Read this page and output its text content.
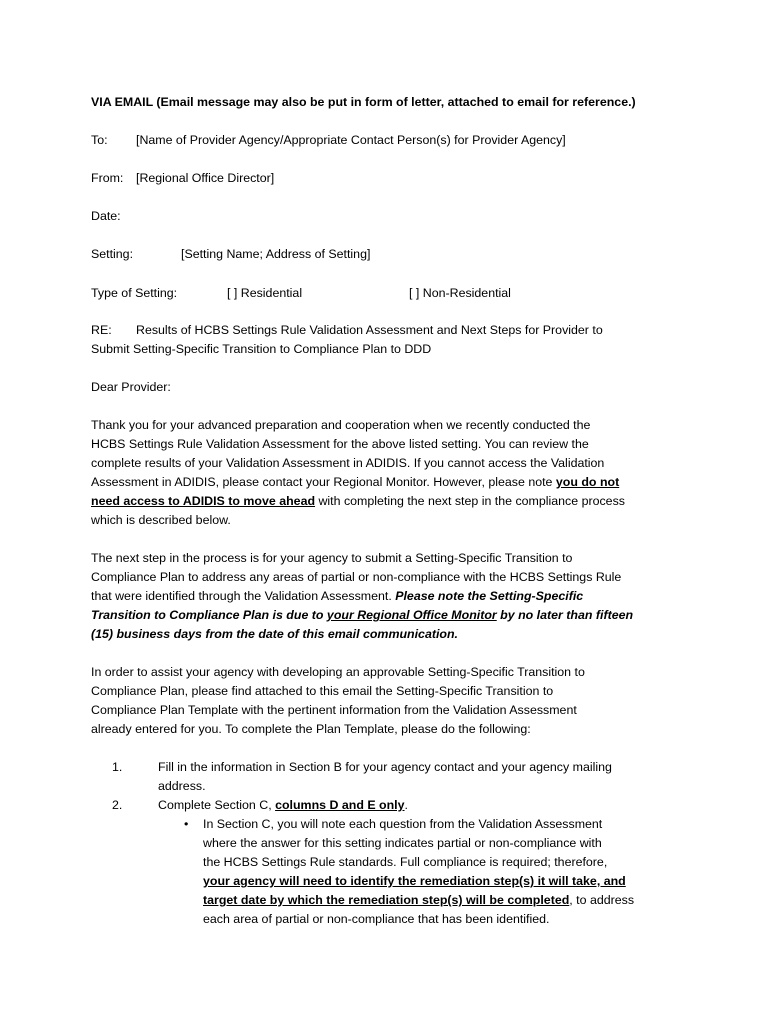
VIA EMAIL (Email message may also be put in form of letter, attached to email for reference.)
To: [Name of Provider Agency/Appropriate Contact Person(s) for Provider Agency]
From: [Regional Office Director]
Date:
Setting:	[Setting Name; Address of Setting]
Type of Setting:	[ ] Residential	[ ] Non-Residential
RE: Results of HCBS Settings Rule Validation Assessment and Next Steps for Provider to
Submit Setting-Specific Transition to Compliance Plan to DDD
Dear Provider:
Thank you for your advanced preparation and cooperation when we recently conducted the
HCBS Settings Rule Validation Assessment for the above listed setting. You can review the
complete results of your Validation Assessment in ADIDIS. If you cannot access the Validation
Assessment in ADIDIS, please contact your Regional Monitor. However, please note you do not
need access to ADIDIS to move ahead with completing the next step in the compliance process
which is described below.
The next step in the process is for your agency to submit a Setting-Specific Transition to
Compliance Plan to address any areas of partial or non-compliance with the HCBS Settings Rule
that were identified through the Validation Assessment. Please note the Setting-Specific
Transition to Compliance Plan is due to your Regional Office Monitor by no later than fifteen
(15) business days from the date of this email communication.
In order to assist your agency with developing an approvable Setting-Specific Transition to
Compliance Plan, please find attached to this email the Setting-Specific Transition to
Compliance Plan Template with the pertinent information from the Validation Assessment
already entered for you. To complete the Plan Template, please do the following:
1.	Fill in the information in Section B for your agency contact and your agency mailing
address.
2.	Complete Section C, columns D and E only.
• In Section C, you will note each question from the Validation Assessment
where the answer for this setting indicates partial or non-compliance with
the HCBS Settings Rule standards. Full compliance is required; therefore,
your agency will need to identify the remediation step(s) it will take, and
target date by which the remediation step(s) will be completed, to address
each area of partial or non-compliance that has been identified.
